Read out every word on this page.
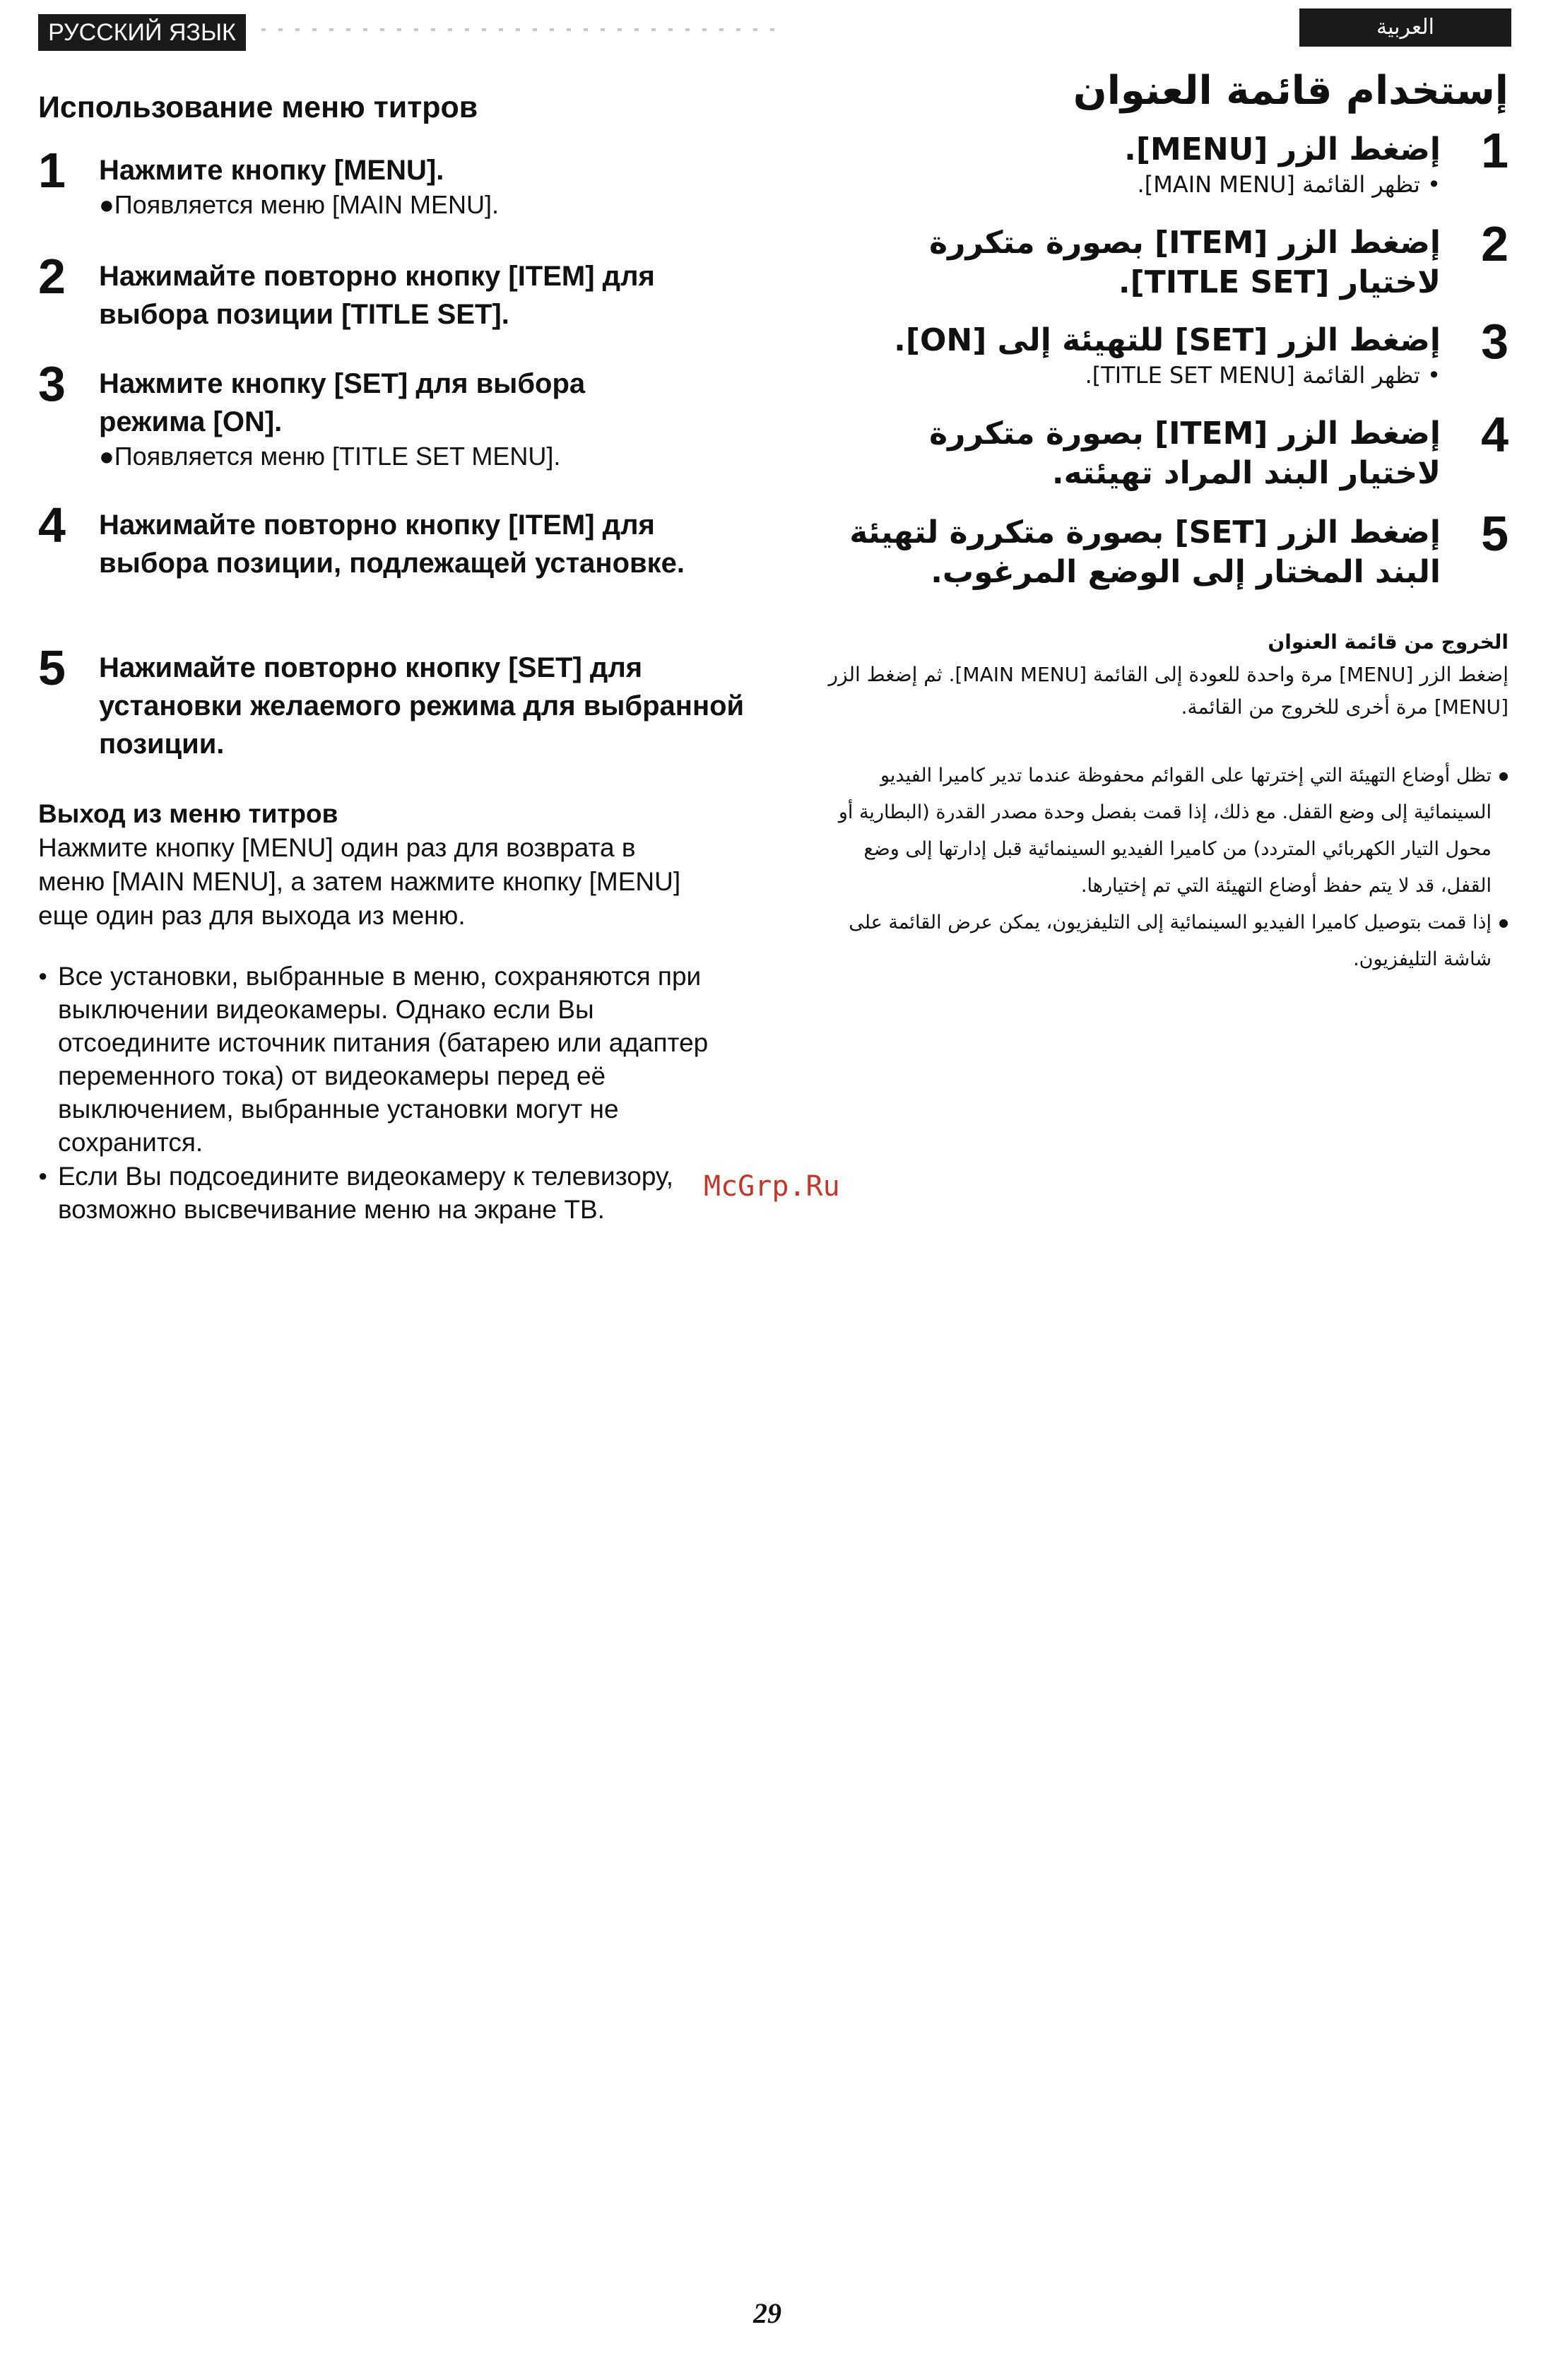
РУССКИЙ ЯЗЫК	العربية
Использование меню титров
1 Нажмите кнопку [MENU].
●Появляется меню [MAIN MENU].
2 Нажимайте повторно кнопку [ITEM] для выбора позиции [TITLE SET].
3 Нажмите кнопку [SET] для выбора режима [ON].
●Появляется меню [TITLE SET MENU].
4 Нажимайте повторно кнопку [ITEM] для выбора позиции, подлежащей установке.
5 Нажимайте повторно кнопку [SET] для установки желаемого режима для выбранной позиции.
Выход из меню титров
Нажмите кнопку [MENU] один раз для возврата в меню [MAIN MENU], а затем нажмите кнопку [MENU] еще один раз для выхода из меню.

● Все установки, выбранные в меню, сохраняются при выключении видеокамеры. Однако если Вы отсоедините источник питания (батарею или адаптер переменного тока) от видеокамеры перед её выключением, выбранные установки могут не сохранится.

● Если Вы подсоедините видеокамеру к телевизору, возможно высвечивание меню на экране ТВ.

إستخدام قائمة العنوان
1
إضغط الزر [MENU].
• تظهر القائمة [MAIN MENU].
2
إضغط الزر [ITEM] بصورة متكررة لاختيار [TITLE SET].
3
إضغط الزر [SET] للتهيئة إلى [ON].
• تظهر القائمة [TITLE SET MENU].
4
إضغط الزر [ITEM] بصورة متكررة لاختيار البند المراد تهيئته.
5
إضغط الزر [SET] بصورة متكررة لتهيئة البند المختار إلى الوضع المرغوب.
الخروج من قائمة العنوان
إضغط الزر [MENU] مرة واحدة للعودة إلى القائمة [MAIN MENU]. ثم إضغط الزر [MENU] مرة أخرى للخروج من القائمة.

● تظل أوضاع التهيئة التي إخترتها على القوائم محفوظة عندما تدير كاميرا الفيديو السينمائية إلى وضع القفل. مع ذلك، إذا قمت بفصل وحدة مصدر القدرة (البطارية أو محول التيار الكهربائي المتردد) من كاميرا الفيديو السينمائية قبل إدارتها إلى وضع القفل، قد لا يتم حفظ أوضاع التهيئة التي تم إختيارها.

● إذا قمت بتوصيل كاميرا الفيديو السينمائية إلى التليفزيون، يمكن عرض القائمة على شاشة التليفزيون.

McGrp.Ru
29
